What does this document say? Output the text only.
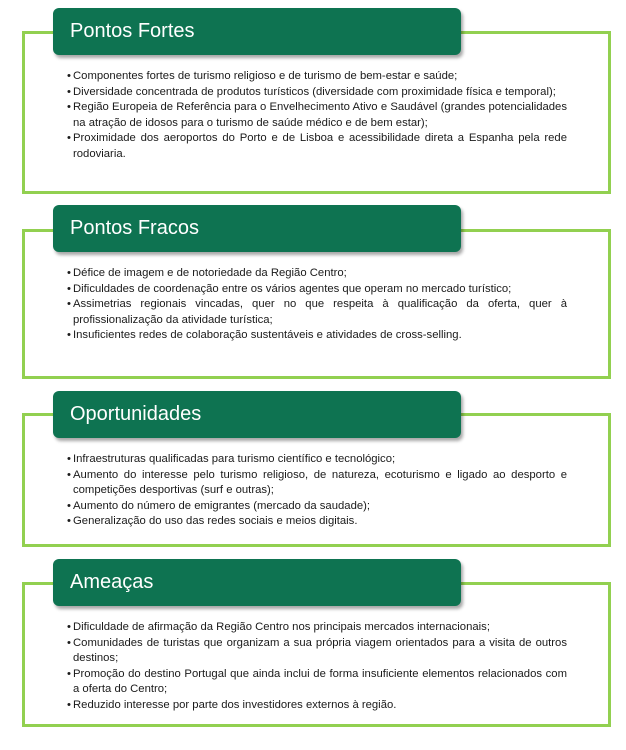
Pontos Fortes
• Componentes fortes de turismo religioso e de turismo de bem-estar e saúde;
• Diversidade concentrada de produtos turísticos (diversidade com proximidade física e temporal);
• Região Europeia de Referência para o Envelhecimento Ativo e Saudável (grandes potencialidades na atração de idosos para o turismo de saúde médico e de bem estar);
• Proximidade dos aeroportos do Porto e de Lisboa e acessibilidade direta a Espanha pela rede rodoviaria.
Pontos Fracos
• Défice de imagem e de notoriedade da Região Centro;
• Dificuldades de coordenação entre os vários agentes que operam no mercado turístico;
• Assimetrias regionais vincadas, quer no que respeita à qualificação da oferta, quer à profissionalização da atividade turística;
• Insuficientes redes de colaboração sustentáveis e atividades de cross-selling.
Oportunidades
• Infraestruturas qualificadas para turismo científico e tecnológico;
• Aumento do interesse pelo turismo religioso, de natureza, ecoturismo e ligado ao desporto e competições desportivas (surf e outras);
• Aumento do número de emigrantes (mercado da saudade);
• Generalização do uso das redes sociais e meios digitais.
Ameaças
• Dificuldade de afirmação da Região Centro nos principais mercados internacionais;
• Comunidades de turistas que organizam a sua própria viagem orientados para a visita de outros destinos;
• Promoção do destino Portugal que ainda inclui de forma insuficiente elementos relacionados com a oferta do Centro;
• Reduzido interesse por parte dos investidores externos à região.
